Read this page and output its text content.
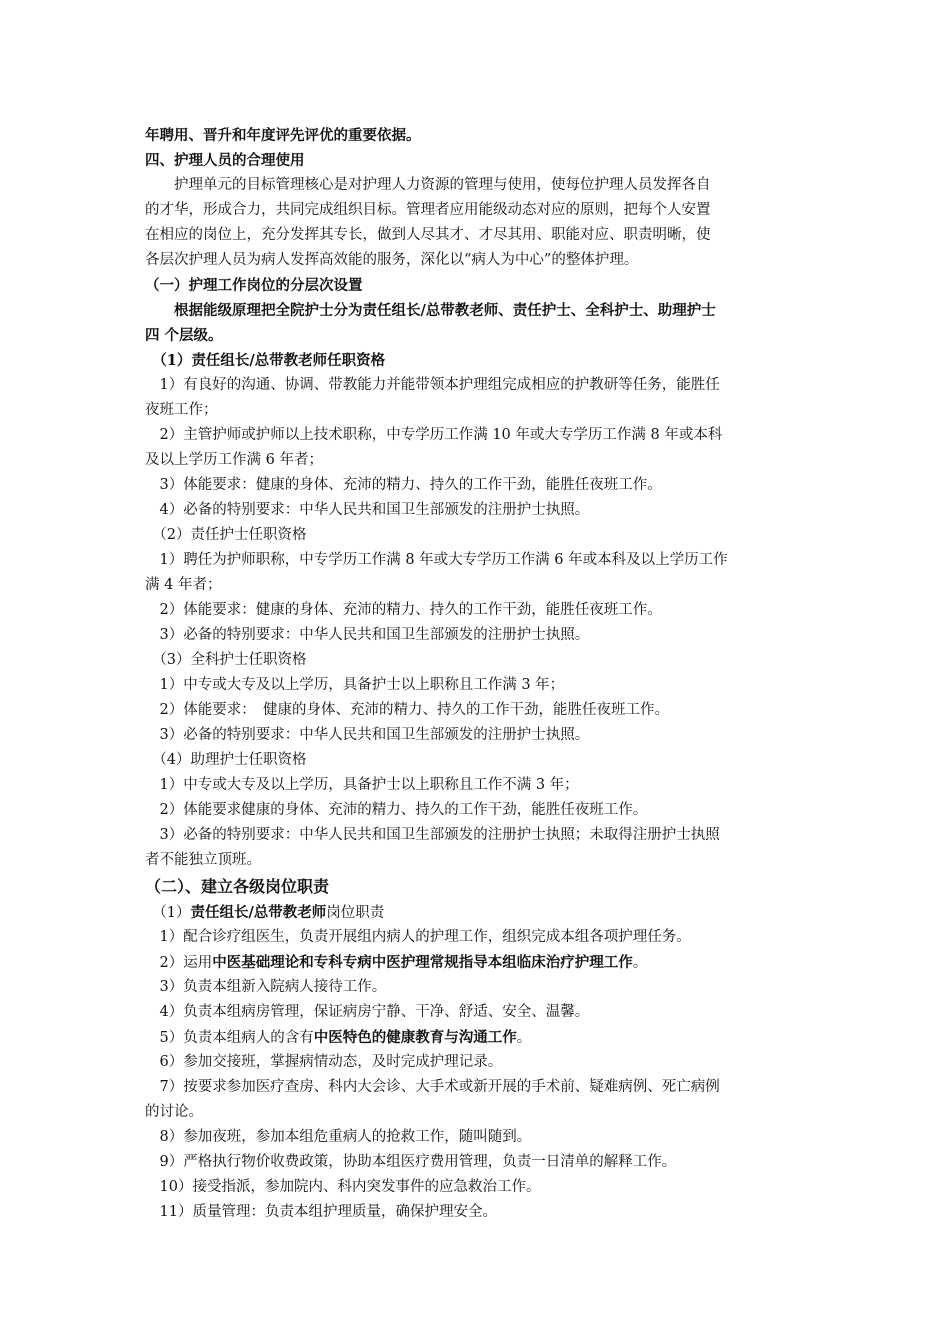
年聘用、晋升和年度评先评优的重要依据。
四、护理人员的合理使用
　　护理单元的目标管理核心是对护理人力资源的管理与使用，使每位护理人员发挥各自
的才华，形成合力，共同完成组织目标。管理者应用能级动态对应的原则，把每个人安置
在相应的岗位上，充分发挥其专长，做到人尽其才、才尽其用、职能对应、职责明晰，使
各层次护理人员为病人发挥高效能的服务，深化以“病人为中心”的整体护理。
（一）护理工作岗位的分层次设置
　　根据能级原理把全院护士分为责任组长/总带教老师、责任护士、全科护士、助理护士
四 个层级。
　（1）责任组长/总带教老师任职资格
　1）有良好的沟通、协调、带教能力并能带领本护理组完成相应的护教研等任务，能胜任
夜班工作；
　2）主管护师或护师以上技术职称，中专学历工作满 10 年或大专学历工作满 8 年或本科
及以上学历工作满 6 年者；
　3）体能要求：健康的身体、充沛的精力、持久的工作干劲，能胜任夜班工作。
　4）必备的特别要求：中华人民共和国卫生部颁发的注册护士执照。
　（2）责任护士任职资格
　1）聘任为护师职称，中专学历工作满 8 年或大专学历工作满 6 年或本科及以上学历工作
满 4 年者；
　2）体能要求：健康的身体、充沛的精力、持久的工作干劲，能胜任夜班工作。
　3）必备的特别要求：中华人民共和国卫生部颁发的注册护士执照。
　（3）全科护士任职资格
　1）中专或大专及以上学历，具备护士以上职称且工作满 3 年；
　2）体能要求：　健康的身体、充沛的精力、持久的工作干劲，能胜任夜班工作。
　3）必备的特别要求：中华人民共和国卫生部颁发的注册护士执照。
　（4）助理护士任职资格
　1）中专或大专及以上学历，具备护士以上职称且工作不满 3 年；
　2）体能要求健康的身体、充沛的精力、持久的工作干劲，能胜任夜班工作。
　3）必备的特别要求：中华人民共和国卫生部颁发的注册护士执照；未取得注册护士执照
者不能独立顶班。
（二）、建立各级岗位职责
　（1）责任组长/总带教老师岗位职责
　1）配合诊疗组医生，负责开展组内病人的护理工作，组织完成本组各项护理任务。
　2）运用中医基础理论和专科专病中医护理常规指导本组临床治疗护理工作。
　3）负责本组新入院病人接待工作。
　4）负责本组病房管理，保证病房宁静、干净、舒适、安全、温馨。
　5）负责本组病人的含有中医特色的健康教育与沟通工作。
　6）参加交接班，掌握病情动态，及时完成护理记录。
　7）按要求参加医疗查房、科内大会诊、大手术或新开展的手术前、疑难病例、死亡病例
的讨论。
　8）参加夜班，参加本组危重病人的抢救工作，随叫随到。
　9）严格执行物价收费政策，协助本组医疗费用管理，负责一日清单的解释工作。
　10）接受指派，参加院内、科内突发事件的应急救治工作。
　11）质量管理：负责本组护理质量，确保护理安全。
